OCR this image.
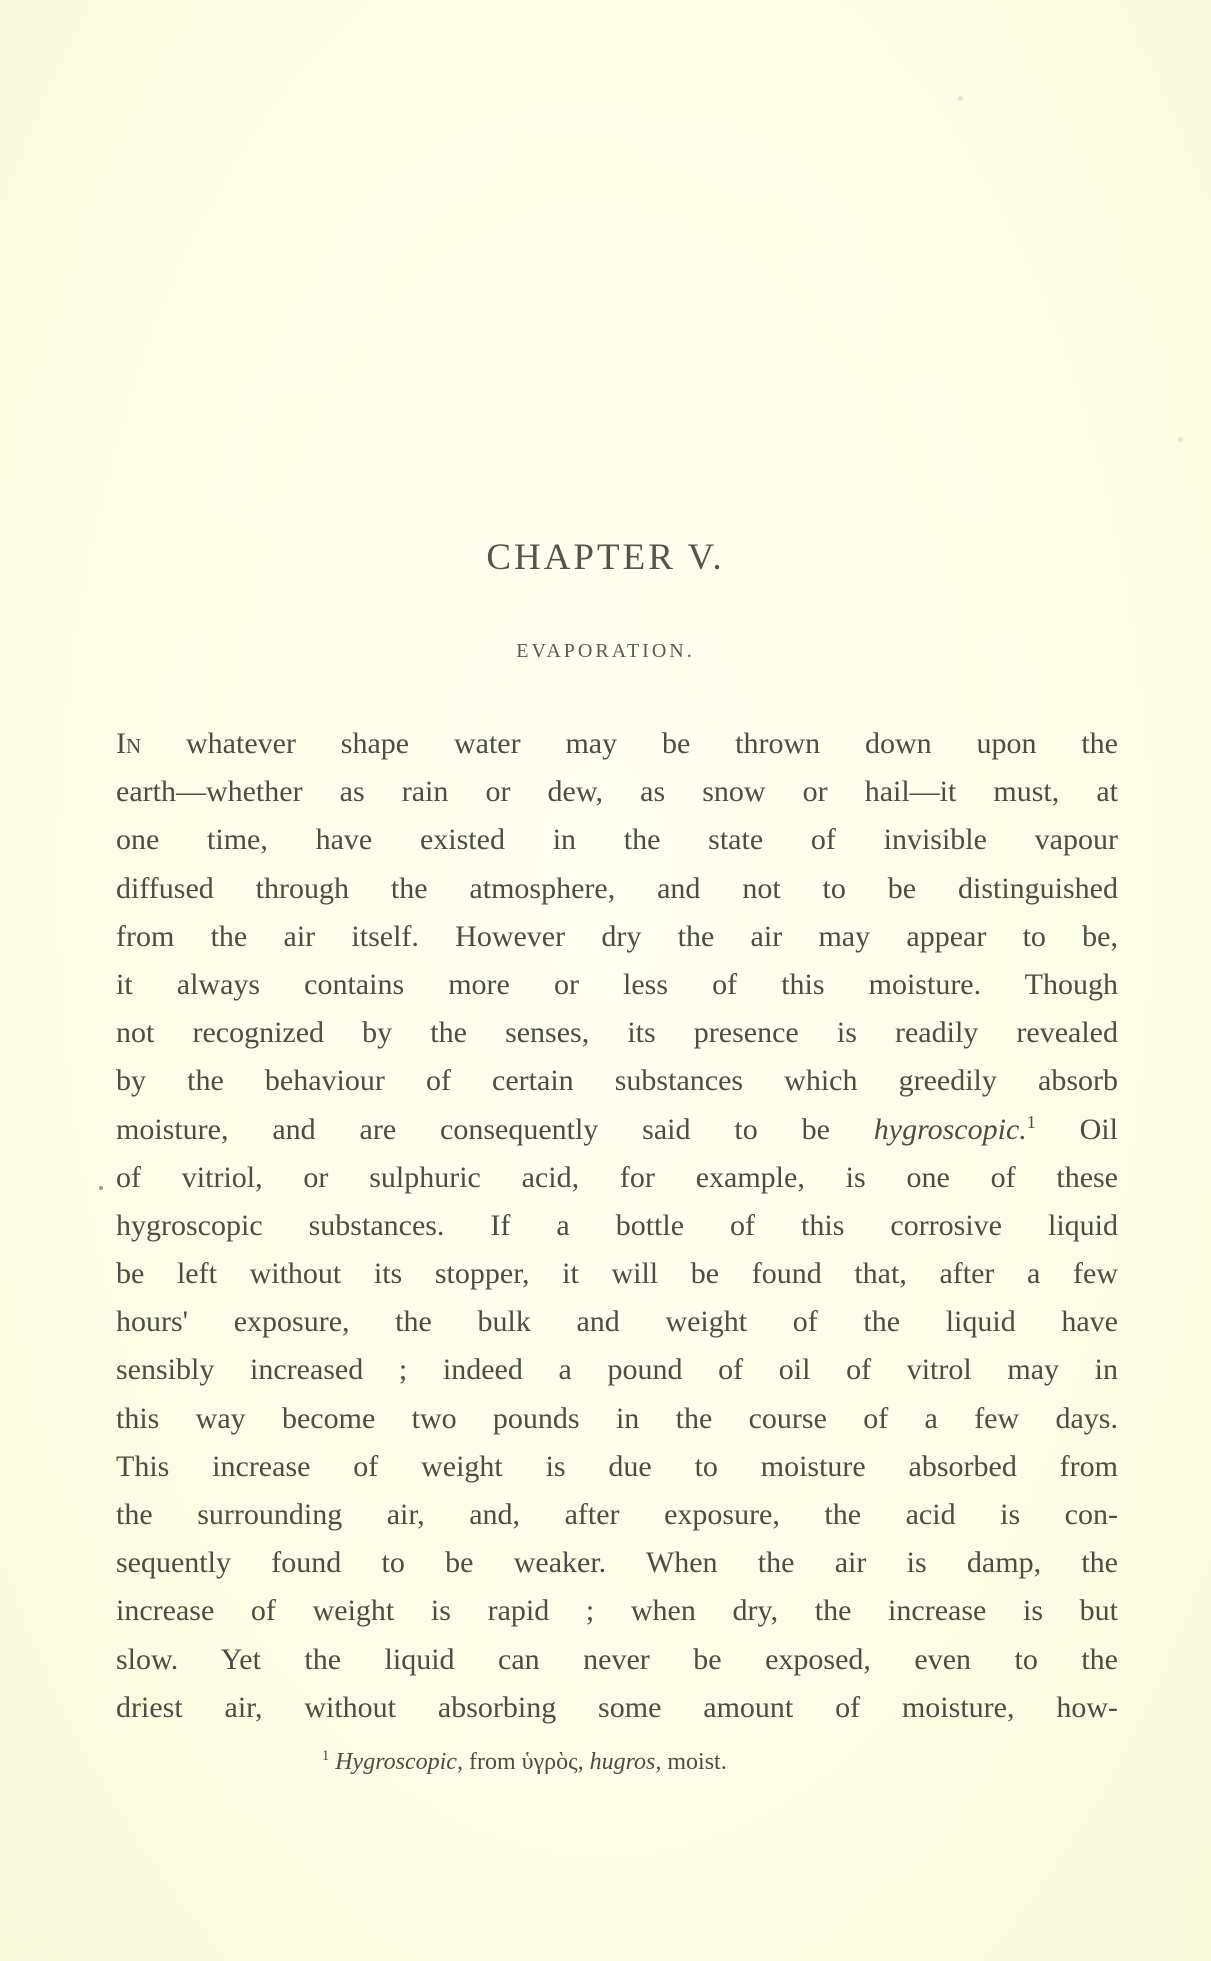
CHAPTER V.
EVAPORATION.
In whatever shape water may be thrown down upon the
earth—whether as rain or dew, as snow or hail—it must, at
one time, have existed in the state of invisible vapour
diffused through the atmosphere, and not to be distinguished
from the air itself. However dry the air may appear to be,
it always contains more or less of this moisture. Though
not recognized by the senses, its presence is readily revealed
by the behaviour of certain substances which greedily absorb
moisture, and are consequently said to be hygroscopic.$^1$ Oil
of vitriol, or sulphuric acid, for example, is one of these
hygroscopic substances. If a bottle of this corrosive liquid
be left without its stopper, it will be found that, after a few
hours' exposure, the bulk and weight of the liquid have
sensibly increased ; indeed a pound of oil of vitrol may in
this way become two pounds in the course of a few days.
This increase of weight is due to moisture absorbed from
the surrounding air, and, after exposure, the acid is con-
sequently found to be weaker. When the air is damp, the
increase of weight is rapid ; when dry, the increase is but
slow. Yet the liquid can never be exposed, even to the
driest air, without absorbing some amount of moisture, how-

$^1$ Hygroscopic, from ὑγρὸς, hugros, moist.
